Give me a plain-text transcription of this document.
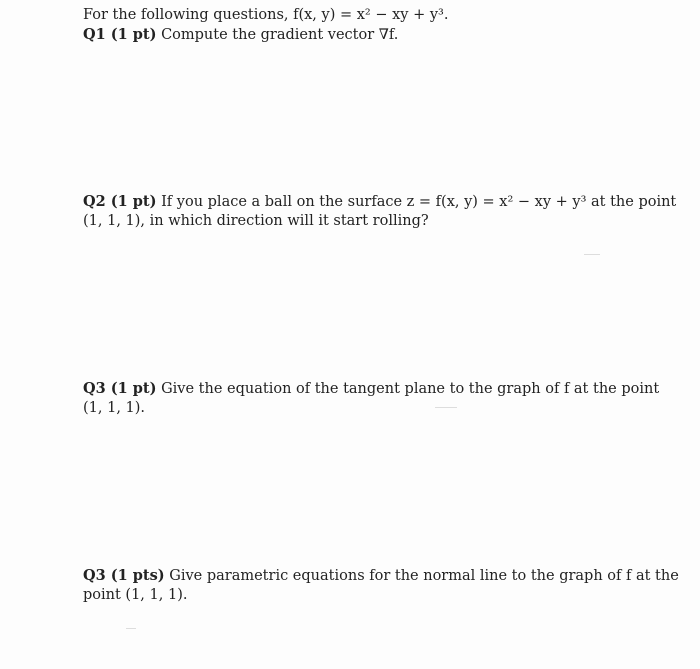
For the following questions, f(x, y) = x² − xy + y³.
Q1 (1 pt) Compute the gradient vector ∇f.
Q2 (1 pt) If you place a ball on the surface z = f(x, y) = x² − xy + y³ at the point
(1, 1, 1), in which direction will it start rolling?
Q3 (1 pt) Give the equation of the tangent plane to the graph of f at the point
(1, 1, 1).
Q3 (1 pts) Give parametric equations for the normal line to the graph of f at the
point (1, 1, 1).
